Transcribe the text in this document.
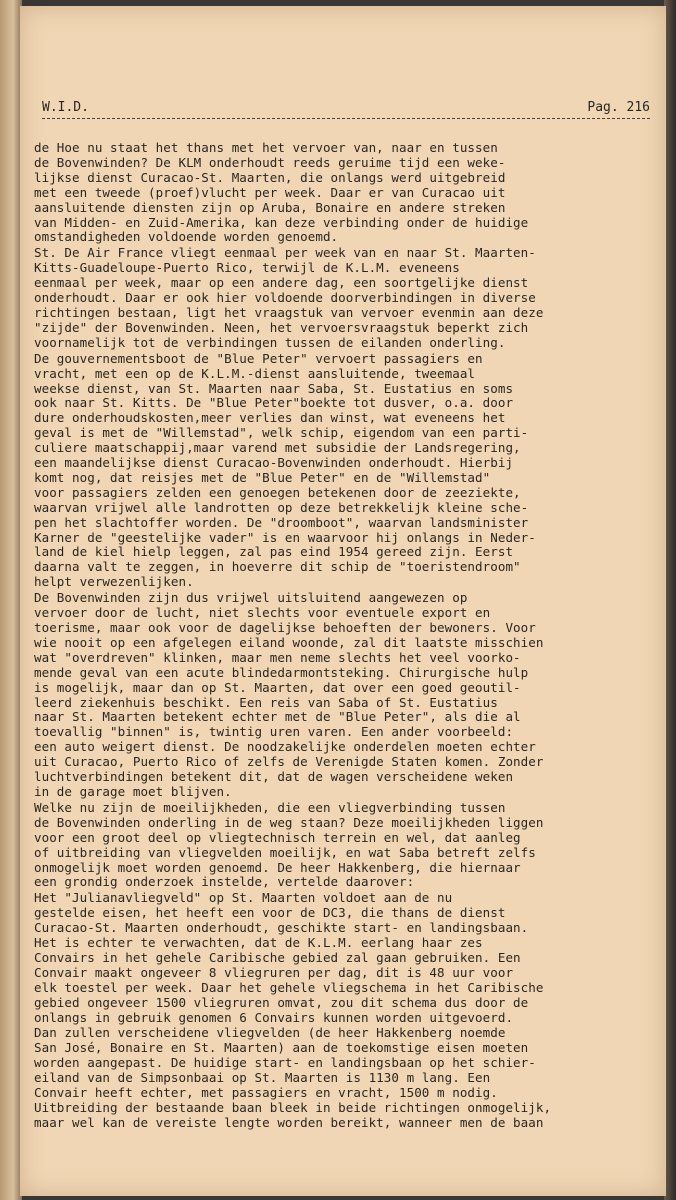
W.I.D.	Pag. 216
de Hoe nu staat het thans met het vervoer van, naar en tussen
de Bovenwinden? De KLM onderhoudt reeds geruime tijd een weke-
lijkse dienst Curacao-St. Maarten, die onlangs werd uitgebreid
met een tweede (proef)vlucht per week. Daar er van Curacao uit
aansluitende diensten zijn op Aruba, Bonaire en andere streken
van Midden- en Zuid-Amerika, kan deze verbinding onder de huidige
omstandigheden voldoende worden genoemd.
St. De Air France vliegt eenmaal per week van en naar St. Maarten-
Kitts-Guadeloupe-Puerto Rico, terwijl de K.L.M. eveneens
eenmaal per week, maar op een andere dag, een soortgelijke dienst
onderhoudt. Daar er ook hier voldoende doorverbindingen in diverse
richtingen bestaan, ligt het vraagstuk van vervoer evenmin aan deze
"zijde" der Bovenwinden. Neen, het vervoersvraagstuk beperkt zich
voornamelijk tot de verbindingen tussen de eilanden onderling.
De gouvernementsboot de "Blue Peter" vervoert passagiers en
vracht, met een op de K.L.M.-dienst aansluitende, tweemaal
weekse dienst, van St. Maarten naar Saba, St. Eustatius en soms
ook naar St. Kitts. De "Blue Peter"boekte tot dusver, o.a. door
dure onderhoudskosten,meer verlies dan winst, wat eveneens het
geval is met de "Willemstad", welk schip, eigendom van een parti-
culiere maatschappij,maar varend met subsidie der Landsregering,
een maandelijkse dienst Curacao-Bovenwinden onderhoudt. Hierbij
komt nog, dat reisjes met de "Blue Peter" en de "Willemstad"
voor passagiers zelden een genoegen betekenen door de zeeziekte,
waarvan vrijwel alle landrotten op deze betrekkelijk kleine sche-
pen het slachtoffer worden. De "droomboot", waarvan landsminister
Karner de "geestelijke vader" is en waarvoor hij onlangs in Neder-
land de kiel hielp leggen, zal pas eind 1954 gereed zijn. Eerst
daarna valt te zeggen, in hoeverre dit schip de "toeristendroom"
helpt verwezenlijken.
De Bovenwinden zijn dus vrijwel uitsluitend aangewezen op
vervoer door de lucht, niet slechts voor eventuele export en
toerisme, maar ook voor de dagelijkse behoeften der bewoners. Voor
wie nooit op een afgelegen eiland woonde, zal dit laatste misschien
wat "overdreven" klinken, maar men neme slechts het veel voorko-
mende geval van een acute blindedarmontsteking. Chirurgische hulp
is mogelijk, maar dan op St. Maarten, dat over een goed geoutil-
leerd ziekenhuis beschikt. Een reis van Saba of St. Eustatius
naar St. Maarten betekent echter met de "Blue Peter", als die al
toevallig "binnen" is, twintig uren varen. Een ander voorbeeld:
een auto weigert dienst. De noodzakelijke onderdelen moeten echter
uit Curacao, Puerto Rico of zelfs de Verenigde Staten komen. Zonder
luchtverbindingen betekent dit, dat de wagen verscheidene weken
in de garage moet blijven.
Welke nu zijn de moeilijkheden, die een vliegverbinding tussen
de Bovenwinden onderling in de weg staan? Deze moeilijkheden liggen
voor een groot deel op vliegtechnisch terrein en wel, dat aanleg
of uitbreiding van vliegvelden moeilijk, en wat Saba betreft zelfs
onmogelijk moet worden genoemd. De heer Hakkenberg, die hiernaar
een grondig onderzoek instelde, vertelde daarover:
Het "Julianavliegveld" op St. Maarten voldoet aan de nu
gestelde eisen, het heeft een voor de DC3, die thans de dienst
Curacao-St. Maarten onderhoudt, geschikte start- en landingsbaan.
Het is echter te verwachten, dat de K.L.M. eerlang haar zes
Convairs in het gehele Caribische gebied zal gaan gebruiken. Een
Convair maakt ongeveer 8 vliegruren per dag, dit is 48 uur voor
elk toestel per week. Daar het gehele vliegschema in het Caribische
gebied ongeveer 1500 vliegruren omvat, zou dit schema dus door de
onlangs in gebruik genomen 6 Convairs kunnen worden uitgevoerd.
Dan zullen verscheidene vliegvelden (de heer Hakkenberg noemde
San José, Bonaire en St. Maarten) aan de toekomstige eisen moeten
worden aangepast. De huidige start- en landingsbaan op het schier-
eiland van de Simpsonbaai op St. Maarten is 1130 m lang. Een
Convair heeft echter, met passagiers en vracht, 1500 m nodig.
Uitbreiding der bestaande baan bleek in beide richtingen onmogelijk,
maar wel kan de vereiste lengte worden bereikt, wanneer men de baan
